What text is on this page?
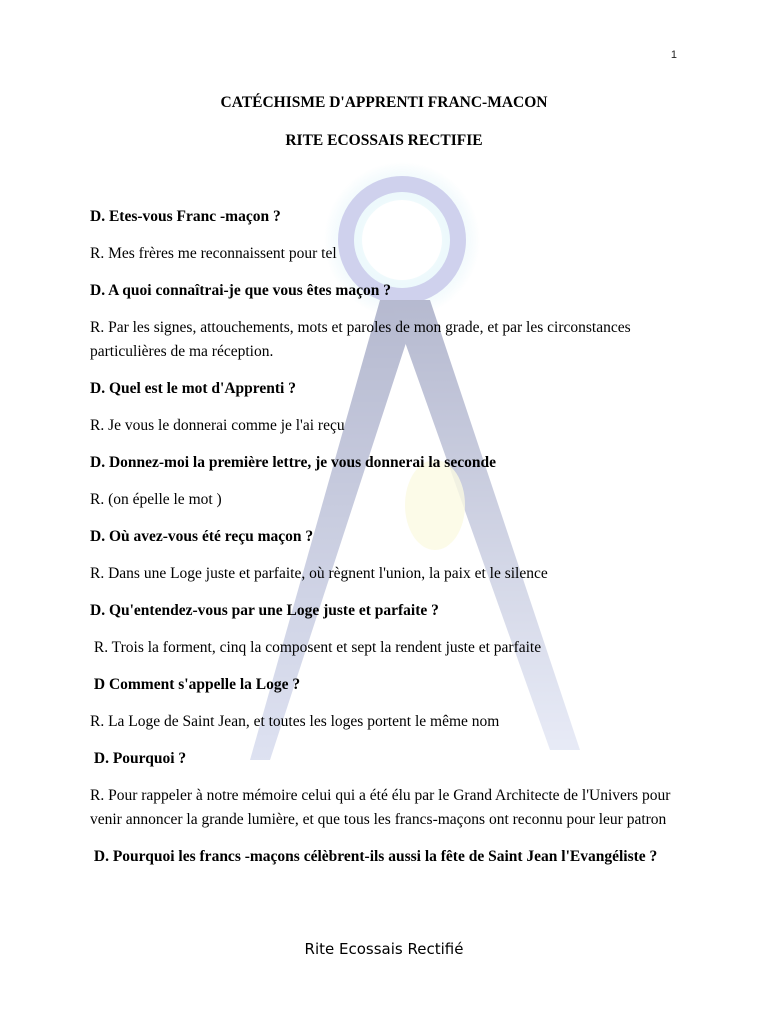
1
CATÉCHISME D'APPRENTI FRANC-MACON
RITE ECOSSAIS RECTIFIE

D. Etes-vous Franc -maçon ?

R. Mes frères me reconnaissent pour tel

D. A quoi connaîtrai-je que vous êtes maçon ?

R. Par les signes, attouchements, mots et paroles de mon grade, et par les circonstances particulières de ma réception.

D. Quel est le mot d'Apprenti ?

R. Je vous le donnerai comme je l'ai reçu

D. Donnez-moi la première lettre, je vous donnerai la seconde

R. (on épelle le mot )

D. Où avez-vous été reçu maçon ?

R. Dans une Loge juste et parfaite, où règnent l'union, la paix et le silence

D. Qu'entendez-vous par une Loge juste et parfaite ?

R. Trois la forment, cinq la composent et sept la rendent juste et parfaite

D Comment s'appelle la Loge ?

R. La Loge de Saint Jean, et toutes les loges portent le même nom

D. Pourquoi ?

R. Pour rappeler à notre mémoire celui qui a été élu par le Grand Architecte de l'Univers pour venir annoncer la grande lumière, et que tous les francs-maçons ont reconnu pour leur patron

D. Pourquoi les francs -maçons célèbrent-ils aussi la fête de Saint Jean l'Evangéliste ?

Rite Ecossais Rectifié
